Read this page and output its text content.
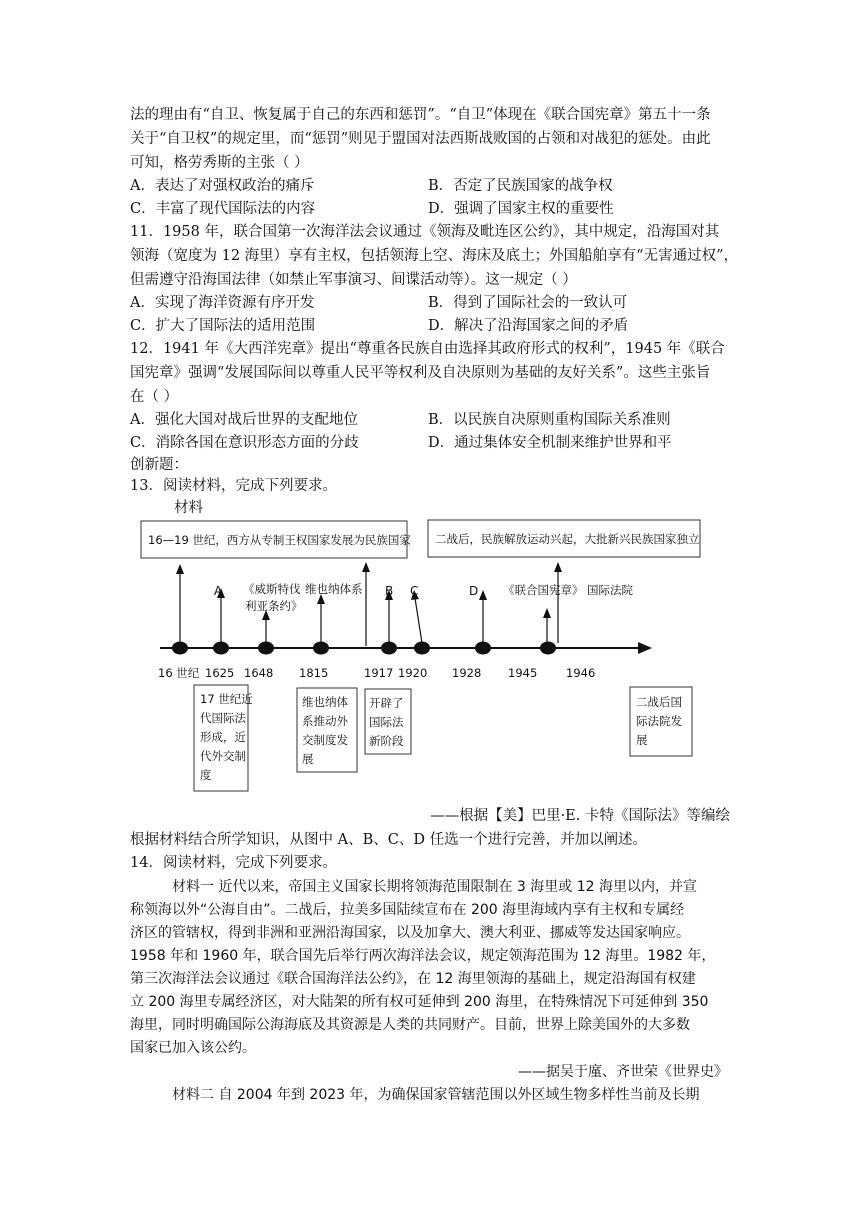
法的理由有“自卫、恢复属于自己的东西和惩罚”。“自卫”体现在《联合国宪章》第五十一条
关于“自卫权”的规定里，而“惩罚”则见于盟国对法西斯战败国的占领和对战犯的惩处。由此
可知，格劳秀斯的主张（ ）
A．表达了对强权政治的痛斥	B．否定了民族国家的战争权
C．丰富了现代国际法的内容	D．强调了国家主权的重要性
11．1958 年，联合国第一次海洋法会议通过《领海及毗连区公约》，其中规定，沿海国对其
领海（宽度为 12 海里）享有主权，包括领海上空、海床及底土；外国船舶享有“无害通过权”，
但需遵守沿海国法律（如禁止军事演习、间谍活动等）。这一规定（ ）
A．实现了海洋资源有序开发	B．得到了国际社会的一致认可
C．扩大了国际法的适用范围	D．解决了沿海国家之间的矛盾
12．1941 年《大西洋宪章》提出“尊重各民族自由选择其政府形式的权利”，1945 年《联合
国宪章》强调“发展国际间以尊重人民平等权利及自决原则为基础的友好关系”。这些主张旨
在（ ）
A．强化大国对战后世界的支配地位	B．以民族自决原则重构国际关系准则
C．消除各国在意识形态方面的分歧	D．通过集体安全机制来维护世界和平
创新题：
13．阅读材料，完成下列要求。
材料
16—19 世纪，西方从专制王权国家发展为民族国家 二战后，民族解放运动兴起，大批新兴民族国家独立
A 《威斯特伐
利亚条约》
维也纳体系 B C	D 《联合国宪章》 国际法院
16 世纪 1625 1648 1815	1917 1920 1928 1945 1946
17 世纪近
代国际法
形成，近
代外交制
度
维也纳体
系推动外
交制度发
展
开辟了
国际法
新阶段
二战后国
际法院发
展
——根据【美】巴里·E. 卡特《国际法》等编绘
根据材料结合所学知识，从图中 A、B、C、D 任选一个进行完善，并加以阐述。
14．阅读材料，完成下列要求。
材料一 近代以来，帝国主义国家长期将领海范围限制在 3 海里或 12 海里以内，并宣
称领海以外“公海自由”。二战后，拉美多国陆续宣布在 200 海里海域内享有主权和专属经
济区的管辖权，得到非洲和亚洲沿海国家，以及加拿大、澳大利亚、挪威等发达国家响应。
1958 年和 1960 年，联合国先后举行两次海洋法会议，规定领海范围为 12 海里。1982 年，
第三次海洋法会议通过《联合国海洋法公约》，在 12 海里领海的基础上，规定沿海国有权建
立 200 海里专属经济区，对大陆架的所有权可延伸到 200 海里，在特殊情况下可延伸到 350
海里，同时明确国际公海海底及其资源是人类的共同财产。目前，世界上除美国外的大多数
国家已加入该公约。
——据吴于廑、齐世荣《世界史》
材料二 自 2004 年到 2023 年，为确保国家管辖范围以外区域生物多样性当前及长期
